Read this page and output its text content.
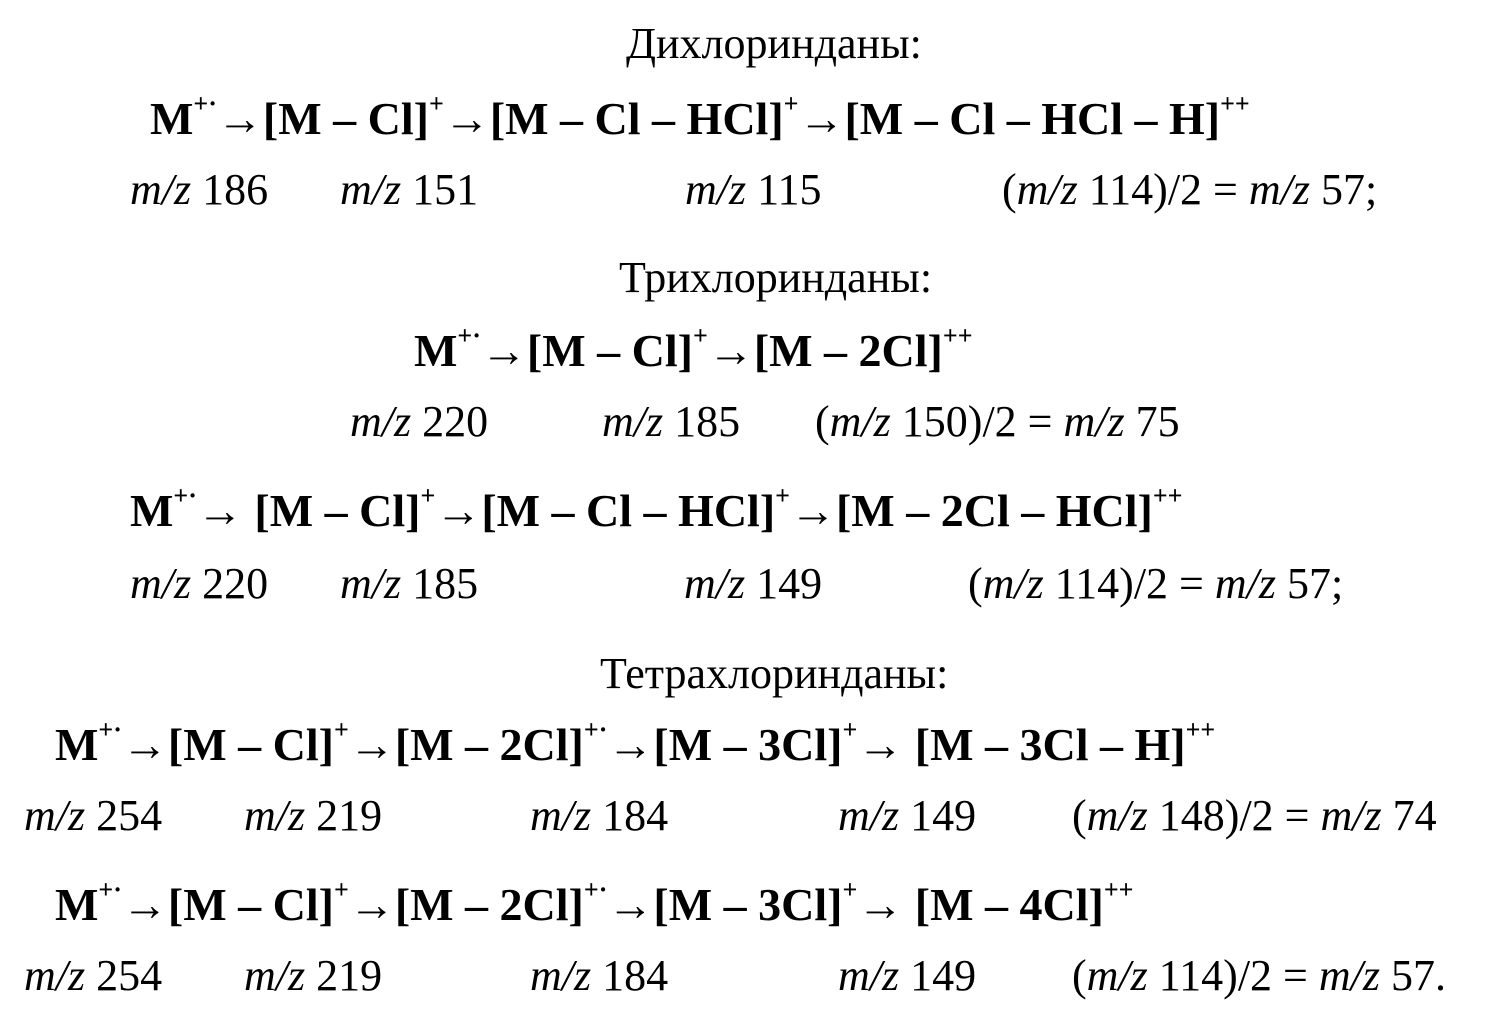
Дихлоринданы:
M+·→[M – Cl]+→[M – Cl – HCl]+→[M – Cl – HCl – H]++
m/z 186 m/z 151	m/z 115	(m/z 114)/2 = m/z 57;
Трихлоринданы:
M+·→[M – Cl]+→[M – 2Cl]++
m/z 220	m/z 185 (m/z 150)/2 = m/z 75
M+·→ [M – Cl]+→[M – Cl – HCl]+→[M – 2Cl – HCl]++
m/z 220 m/z 185	m/z 149	(m/z 114)/2 = m/z 57;
Тетрахлоринданы:
M+·→[M – Cl]+→[M – 2Cl]+·→[M – 3Cl]+→ [M – 3Cl – H]++
m/z 254 m/z 219	m/z 184	m/z 149 (m/z 148)/2 = m/z 74
M+·→[M – Cl]+→[M – 2Cl]+·→[M – 3Cl]+→ [M – 4Cl]++
m/z 254 m/z 219	m/z 184	m/z 149 (m/z 114)/2 = m/z 57.
